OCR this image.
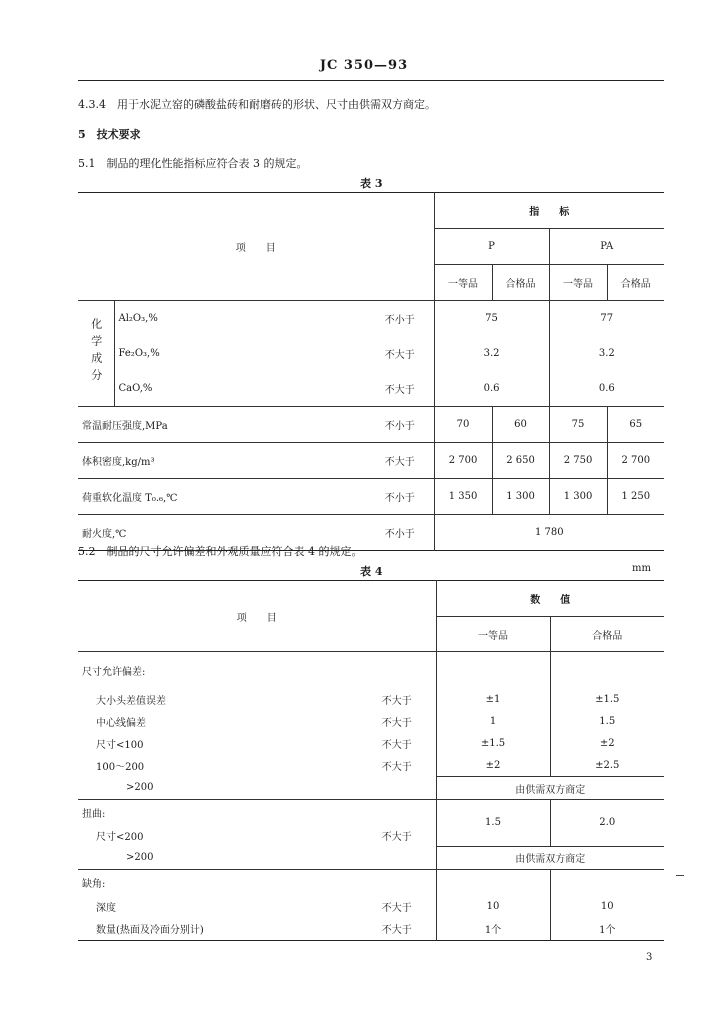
JC 350—93
4.3.4　 用于水泥立窑的磷酸盐砖和耐磨砖的形状、尺寸由供需双方商定。
5　 技术要求
5.1　 制品的理化性能指标应符合表 3 的规定。
表 3
项　　目			指　　标			
			P		PA	
			一等品	合格品	一等品	合格品
化学成分	Al₂O₃,%	不小于	75		77	
	Fe₂O₃,%	不大于	3.2		3.2	
	CaO,%	不大于	0.6		0.6	
常温耐压强度,MPa		不小于	70	60	75	65
体积密度,kg/m³		不大于	2 700	2 650	2 750	2 700
荷重软化温度 T₀.₆,℃		不小于	1 350	1 300	1 300	1 250
耐火度,℃		不小于	1 780			
5.2　 制品的尺寸允许偏差和外观质量应符合表 4 的规定。
表 4	mm
项　　目		数　　值	
		一等品	合格品
尺寸允许偏差:			
大小头差值误差	不大于	±1	±1.5
中心线偏差	不大于	1	1.5
尺寸<100	不大于	±1.5	±2
100～200	不大于	±2	±2.5
>200		由供需双方商定	
扭曲:		1.5	2.0
尺寸<200	不大于		
>200		由供需双方商定	
缺角:			
深度	不大于	10	10
数量(热面及冷面分别计)	不大于	1个	1个
3
